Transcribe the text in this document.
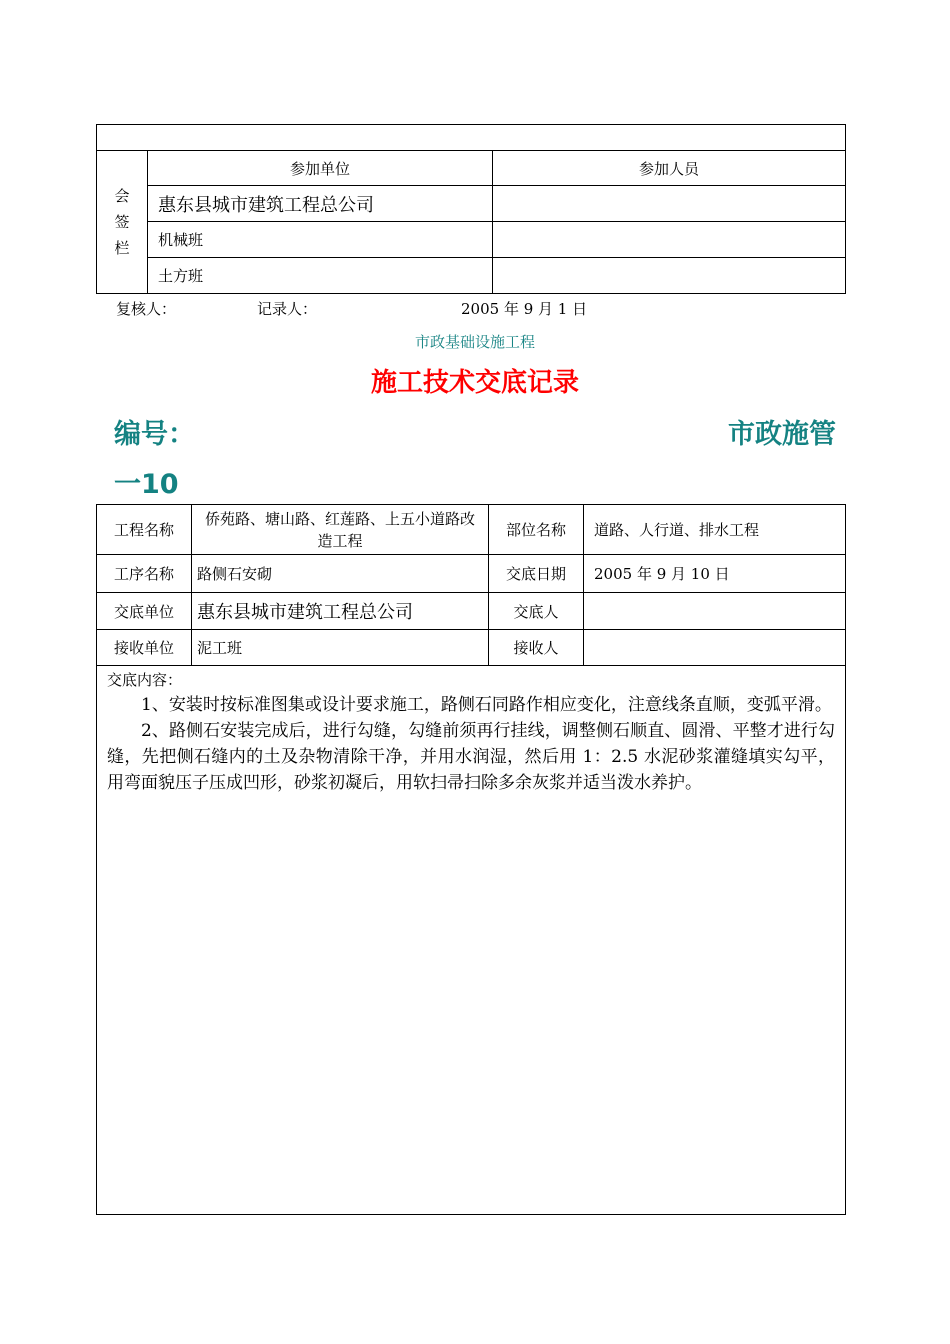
会
签
栏	参加单位	参加人员
	惠东县城市建筑工程总公司	
	机械班	
	土方班	
复核人：	记录人：	2005 年 9 月 1 日
市政基础设施工程
施工技术交底记录
编号：	市政施管
一10
工程名称	侨苑路、塘山路、红莲路、上五小道路改造工程	部位名称	道路、人行道、排水工程
工序名称	路侧石安砌	交底日期	2005 年 9 月 10 日
交底单位	惠东县城市建筑工程总公司	交底人	
接收单位	泥工班	接收人	

交底内容：

1、安装时按标准图集或设计要求施工，路侧石同路作相应变化，注意线条直顺，变弧平滑。

2、路侧石安装完成后，进行勾缝，勾缝前须再行挂线，调整侧石顺直、圆滑、平整才进行勾缝，先把侧石缝内的土及杂物清除干净，并用水润湿，然后用 1：2.5 水泥砂浆灌缝填实勾平，用弯面貌压子压成凹形，砂浆初凝后，用软扫帚扫除多余灰浆并适当泼水养护。			
